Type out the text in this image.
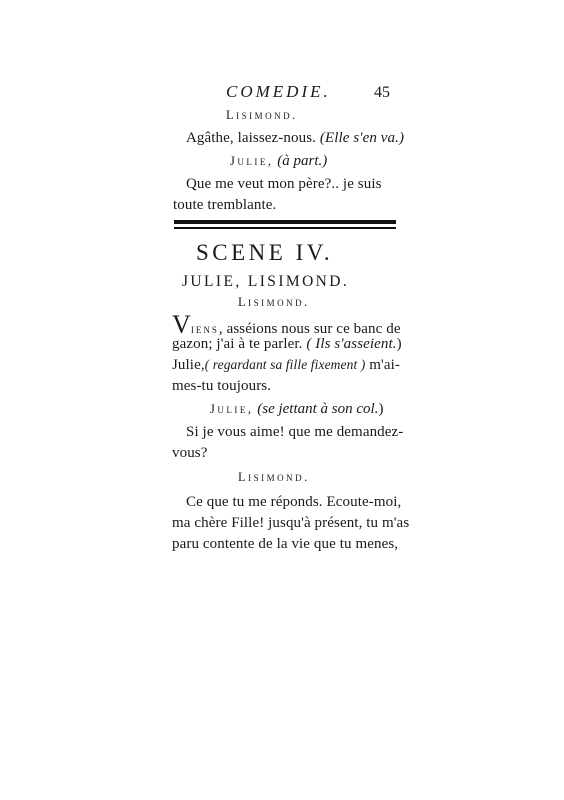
COMEDIE.	45
Lisimond.
Agâthe, laissez-nous. (Elle s'en va.)
Julie, (à part.)
Que me veut mon père?.. je suis
toute tremblante.
SCENE IV.
JULIE, LISIMOND.
Lisimond.
Viens, asséions nous sur ce banc de
gazon; j'ai à te parler. ( Ils s'asseient.)
Julie,( regardant sa fille fixement ) m'ai-
mes-tu toujours.
Julie, (se jettant à son col.)
Si je vous aime! que me demandez-
vous?
Lisimond.
Ce que tu me réponds. Ecoute-moi,
ma chère Fille! jusqu'à présent, tu m'as
paru contente de la vie que tu menes,
